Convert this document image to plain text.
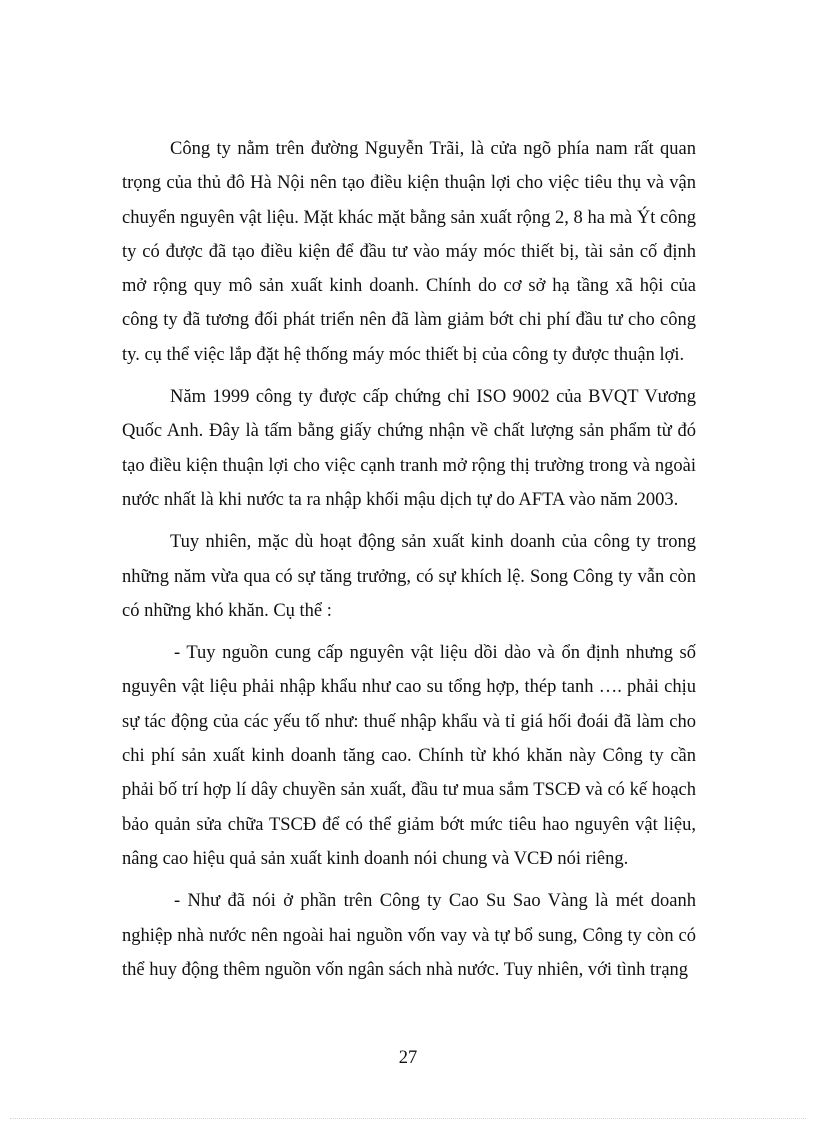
Công ty nằm trên đường Nguyễn Trãi, là cửa ngõ phía nam rất quan trọng của thủ đô Hà Nội nên tạo điều kiện thuận lợi cho việc tiêu thụ và vận chuyển nguyên vật liệu. Mặt khác mặt bằng sản xuất rộng 2, 8 ha mà Ýt công ty có được đã tạo điều kiện để đầu tư vào máy móc thiết bị, tài sản cố định mở rộng quy mô sản xuất kinh doanh. Chính do cơ sở hạ tầng xã hội của công ty đã tương đối phát triển nên đã làm giảm bớt chi phí đầu tư cho công ty. cụ thể việc lắp đặt hệ thống máy móc thiết bị của công ty được thuận lợi.

Năm 1999 công ty được cấp chứng chỉ ISO 9002 của BVQT Vương Quốc Anh. Đây là tấm bằng giấy chứng nhận về chất lượng sản phẩm từ đó tạo điều kiện thuận lợi cho việc cạnh tranh mở rộng thị trường trong và ngoài nước nhất là khi nước ta ra nhập khối mậu dịch tự do AFTA vào năm 2003.

Tuy nhiên, mặc dù hoạt động sản xuất kinh doanh của công ty trong những năm vừa qua có sự tăng trưởng, có sự khích lệ. Song Công ty vẫn còn có những khó khăn. Cụ thể :

- Tuy nguồn cung cấp nguyên vật liệu dồi dào và ổn định nhưng số nguyên vật liệu phải nhập khẩu như cao su tổng hợp, thép tanh …. phải chịu sự tác động của các yếu tố như: thuế nhập khẩu và tỉ giá hối đoái đã làm cho chi phí sản xuất kinh doanh tăng cao. Chính từ khó khăn này Công ty cần phải bố trí hợp lí dây chuyền sản xuất, đầu tư mua sắm TSCĐ và có kế hoạch bảo quản sửa chữa TSCĐ để có thể giảm bớt mức tiêu hao nguyên vật liệu, nâng cao hiệu quả sản xuất kinh doanh nói chung và VCĐ nói riêng.

- Như đã nói ở phần trên Công ty Cao Su Sao Vàng là mét doanh nghiệp nhà nước nên ngoài hai nguồn vốn vay và tự bổ sung, Công ty còn có thể huy động thêm nguồn vốn ngân sách nhà nước. Tuy nhiên, với tình trạng

27
